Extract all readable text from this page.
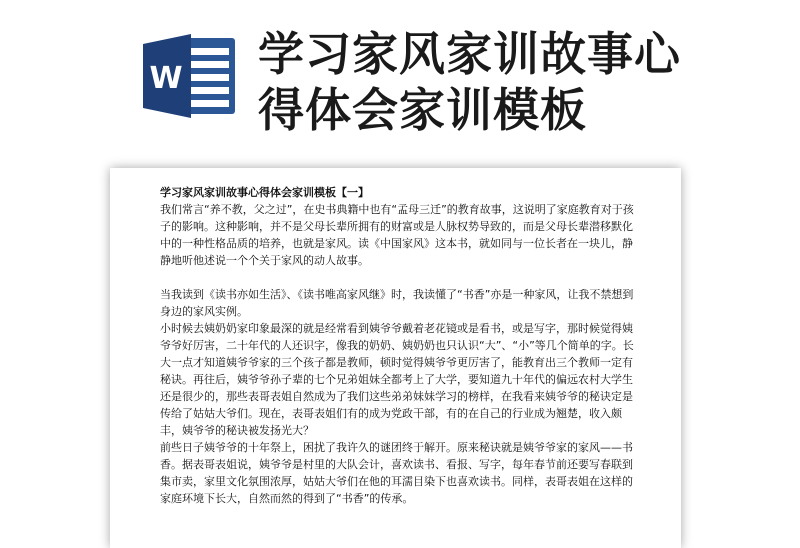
W 学习家风家训故事心
得体会家训模板
学习家风家训故事心得体会家训模板【一】

我们常言“养不教，父之过”，在史书典籍中也有“孟母三迁”的教育故事，这说明了家庭教育对于孩子的影响。这种影响，并不是父母长辈所拥有的财富或是人脉权势导致的，而是父母长辈潜移默化中的一种性格品质的培养，也就是家风。读《中国家风》这本书，就如同与一位长者在一块儿，静静地听他述说一个个关于家风的动人故事。

当我读到《读书亦如生活》、《读书唯高家风继》时，我读懂了“书香”亦是一种家风，让我不禁想到身边的家风实例。

小时候去姨奶奶家印象最深的就是经常看到姨爷爷戴着老花镜或是看书，或是写字，那时候觉得姨爷爷好厉害，二十年代的人还识字，像我的奶奶、姨奶奶也只认识“大”、“小”等几个简单的字。长大一点才知道姨爷爷家的三个孩子都是教师，顿时觉得姨爷爷更厉害了，能教育出三个教师一定有秘诀。再往后，姨爷爷孙子辈的七个兄弟姐妹全都考上了大学，要知道九十年代的偏远农村大学生还是很少的，那些表哥表姐自然成为了我们这些弟弟妹妹学习的榜样，在我看来姨爷爷的秘诀定是传给了姑姑大爷们。现在，表哥表姐们有的成为党政干部，有的在自己的行业成为翘楚，收入颇丰，姨爷爷的秘诀被发扬光大？

前些日子姨爷爷的十年祭上，困扰了我许久的谜团终于解开。原来秘诀就是姨爷爷家的家风——书香。据表哥表姐说，姨爷爷是村里的大队会计，喜欢读书、看报、写字，每年春节前还要写春联到集市卖，家里文化氛围浓厚，姑姑大爷们在他的耳濡目染下也喜欢读书。同样，表哥表姐在这样的家庭环境下长大，自然而然的得到了“书香”的传承。
